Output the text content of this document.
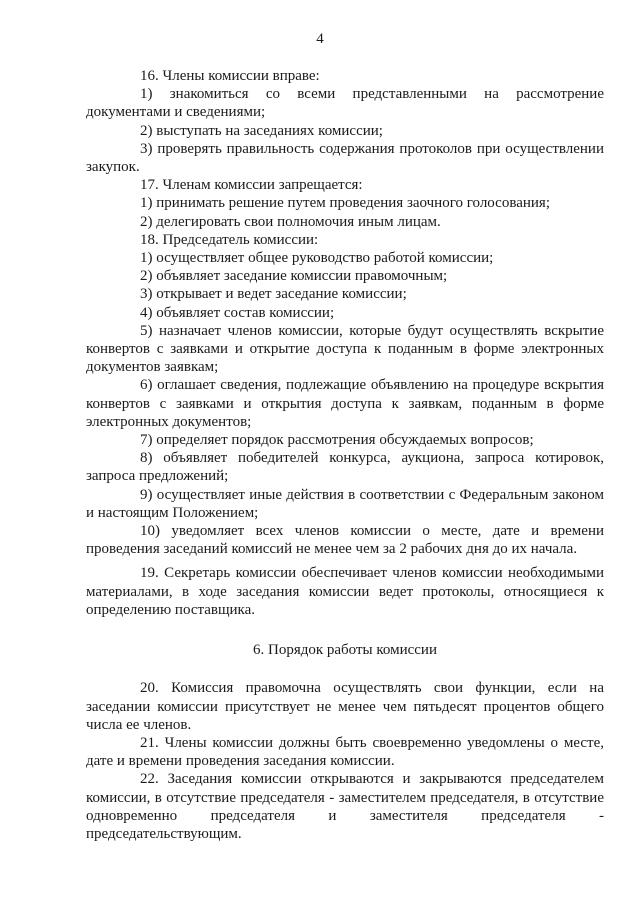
4

16. Члены комиссии вправе:

1) знакомиться со всеми представленными на рассмотрение документами и сведениями;

2) выступать на заседаниях комиссии;

3) проверять правильность содержания протоколов при осуществлении закупок.

17. Членам комиссии запрещается:

1) принимать решение путем проведения заочного голосования;

2) делегировать свои полномочия иным лицам.

18. Председатель комиссии:

1) осуществляет общее руководство работой комиссии;

2) объявляет заседание комиссии правомочным;

3) открывает и ведет заседание комиссии;

4) объявляет состав комиссии;

5) назначает членов комиссии, которые будут осуществлять вскрытие конвертов с заявками и открытие доступа к поданным в форме электронных документов заявкам;

6) оглашает сведения, подлежащие объявлению на процедуре вскрытия конвертов с заявками и открытия доступа к заявкам, поданным в форме электронных документов;

7) определяет порядок рассмотрения обсуждаемых вопросов;

8) объявляет победителей конкурса, аукциона, запроса котировок, запроса предложений;

9) осуществляет иные действия в соответствии с Федеральным законом и настоящим Положением;

10) уведомляет всех членов комиссии о месте, дате и времени проведения заседаний комиссий не менее чем за 2 рабочих дня до их начала.

19. Секретарь комиссии обеспечивает членов комиссии необходимыми материалами, в ходе заседания комиссии ведет протоколы, относящиеся к определению поставщика.

6. Порядок работы комиссии

20. Комиссия правомочна осуществлять свои функции, если на заседании комиссии присутствует не менее чем пятьдесят процентов общего числа ее членов.

21. Члены комиссии должны быть своевременно уведомлены о месте, дате и времени проведения заседания комиссии.

22. Заседания комиссии открываются и закрываются председателем комиссии, в отсутствие председателя - заместителем председателя, в отсутствие одновременно председателя и заместителя председателя - председательствующим.
